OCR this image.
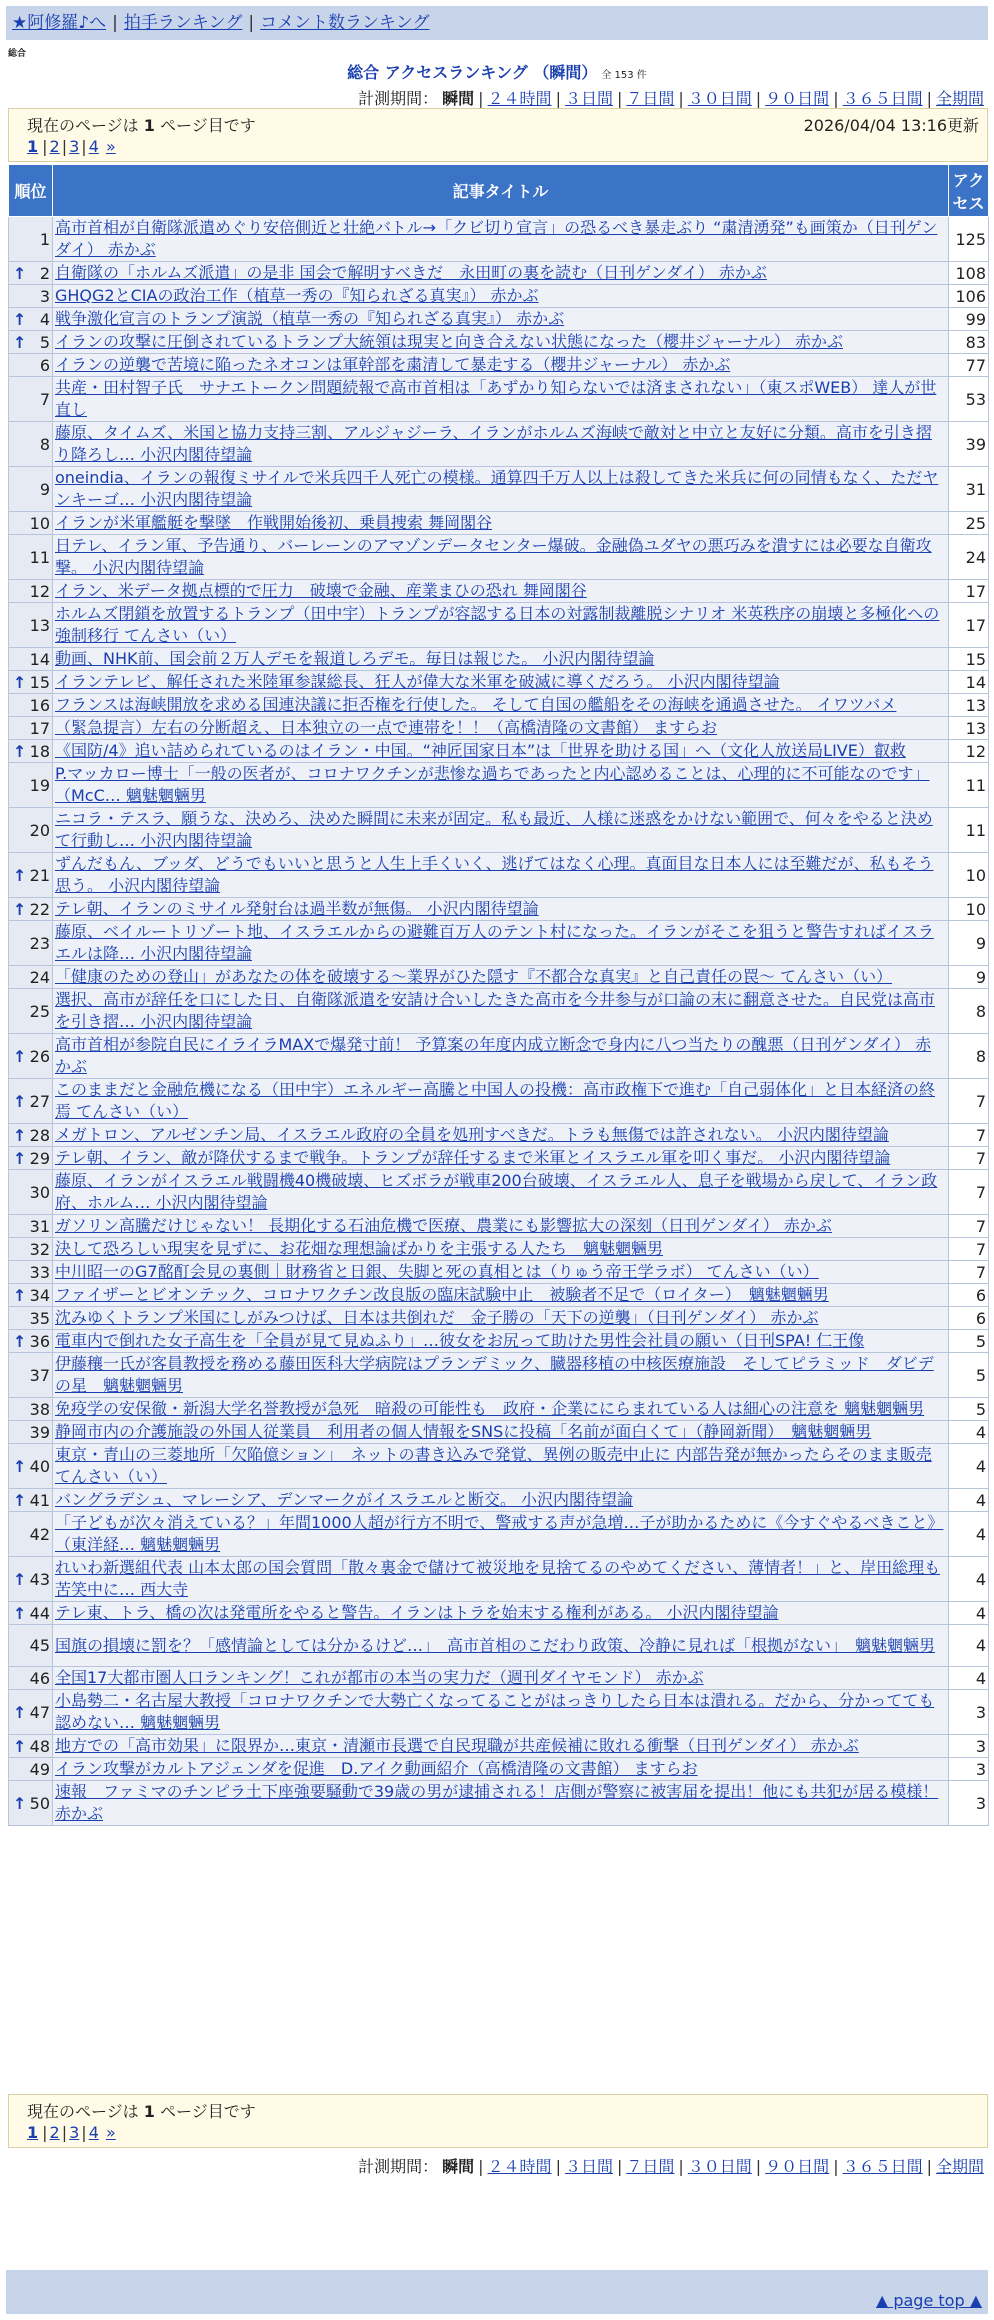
★阿修羅♪へ | 拍手ランキング | コメント数ランキング
総合
総合 アクセスランキング （瞬間） 全 153 件
計測期間： 瞬間 | ２４時間 | ３日間 | ７日間 | ３０日間 | ９０日間 | ３６５日間 | 全期間
現在のページは 1 ページ目です	2026/04/04 13:16更新
1 | 2 | 3 | 4 »
順位	記事タイトル	アクセス
1	高市首相が自衛隊派遣めぐり安倍側近と壮絶バトル→「クビ切り宣言」の恐るべき暴走ぶり “粛清湧発”も画策か（日刊ゲンダイ） 赤かぶ	125

↑ 2	自衛隊の「ホルムズ派遣」の是非 国会で解明すべきだ　永田町の裏を読む（日刊ゲンダイ） 赤かぶ	108
3	GHQG2とCIAの政治工作（植草一秀の『知られざる真実』） 赤かぶ	106

↑ 4	戦争激化宣言のトランプ演説（植草一秀の『知られざる真実』） 赤かぶ	99

↑ 5	イランの攻撃に圧倒されているトランプ大統領は現実と向き合えない状態になった（櫻井ジャーナル） 赤かぶ	83
6	イランの逆襲で苦境に陥ったネオコンは軍幹部を粛清して暴走する（櫻井ジャーナル） 赤かぶ	77
7	共産・田村智子氏　サナエトークン問題続報で高市首相は「あずかり知らないでは済まされない」（東スポWEB） 達人が世直し	53
8	藤原、タイムズ、米国と協力支持三割、アルジャジーラ、イランがホルムズ海峡で敵対と中立と友好に分類。高市を引き摺り降ろし… 小沢内閣待望論	39
9	oneindia、イランの報復ミサイルで米兵四千人死亡の模様。通算四千万人以上は殺してきた米兵に何の同情もなく、ただヤンキーゴ… 小沢内閣待望論	31
10	イランが米軍艦艇を撃墜　作戦開始後初、乗員捜索 舞岡閣谷	25
11	日テレ、イラン軍、予告通り、バーレーンのアマゾンデータセンター爆破。金融偽ユダヤの悪巧みを潰すには必要な自衛攻撃。 小沢内閣待望論	24
12	イラン、米データ拠点標的で圧力　破壊で金融、産業まひの恐れ 舞岡閣谷	17
13	ホルムズ閉鎖を放置するトランプ（田中宇）トランプが容認する日本の対露制裁離脱シナリオ 米英秩序の崩壊と多極化への強制移行 てんさい（い）	17
14	動画、NHK前、国会前２万人デモを報道しろデモ。毎日は報じた。 小沢内閣待望論	15

↑ 15	イランテレビ、解任された米陸軍参謀総長、狂人が偉大な米軍を破滅に導くだろう。 小沢内閣待望論	14
16	フランスは海峡開放を求める国連決議に拒否権を行使した。 そして自国の艦船をその海峡を通過させた。 イワツバメ	13
17	（緊急提言）左右の分断超え、日本独立の一点で連帯を！！（高橋清隆の文書館） ますらお	13

↑ 18	《国防/4》追い詰められているのはイラン・中国。“神匠国家日本”は「世界を助ける国」へ（文化人放送局LIVE）叡救	12
19	P.マッカロー博士「一般の医者が、コロナワクチンが悲惨な過ちであったと内心認めることは、心理的に不可能なのです」（McC… 魑魅魍魎男	11
20	ニコラ・テスラ、願うな、決めろ、決めた瞬間に未来が固定。私も最近、人様に迷惑をかけない範囲で、何々をやると決めて行動し… 小沢内閣待望論	11

↑ 21	ずんだもん、ブッダ、どうでもいいと思うと人生上手くいく、逃げてはなく心理。真面目な日本人には至難だが、私もそう思う。 小沢内閣待望論	10

↑ 22	テレ朝、イランのミサイル発射台は過半数が無傷。 小沢内閣待望論	10
23	藤原、ベイルートリゾート地、イスラエルからの避難百万人のテント村になった。イランがそこを狙うと警告すればイスラエルは降… 小沢内閣待望論	9
24	「健康のための登山」があなたの体を破壊する〜業界がひた隠す『不都合な真実』と自己責任の罠〜 てんさい（い）	9
25	選択、高市が辞任を口にした日、自衛隊派遣を安請け合いしたきた高市を今井参与が口論の末に翻意させた。自民党は高市を引き摺… 小沢内閣待望論	8

↑ 26	高市首相が参院自民にイライラMAXで爆発寸前！ 予算案の年度内成立断念で身内に八つ当たりの醜悪（日刊ゲンダイ） 赤かぶ	8

↑ 27	このままだと金融危機になる（田中宇）エネルギー高騰と中国人の投機：高市政権下で進む「自己弱体化」と日本経済の終焉 てんさい（い）	7

↑ 28	メガトロン、アルゼンチン局、イスラエル政府の全員を処刑すべきだ。トラも無傷では許されない。 小沢内閣待望論	7

↑ 29	テレ朝、イラン、敵が降伏するまで戦争。トランプが辞任するまで米軍とイスラエル軍を叩く事だ。 小沢内閣待望論	7
30	藤原、イランがイスラエル戦闘機40機破壊、ヒズボラが戦車200台破壊、イスラエル人、息子を戦場から戻して、イラン政府、ホルム… 小沢内閣待望論	7
31	ガソリン高騰だけじゃない！ 長期化する石油危機で医療、農業にも影響拡大の深刻（日刊ゲンダイ） 赤かぶ	7
32	決して恐ろしい現実を見ずに、お花畑な理想論ばかりを主張する人たち　魑魅魍魎男	7
33	中川昭一のG7酩酊会見の裏側｜財務省と日銀、失脚と死の真相とは（りゅう帝王学ラボ） てんさい（い）	7

↑ 34	ファイザーとビオンテック、コロナワクチン改良版の臨床試験中止　被験者不足で（ロイター）　魑魅魍魎男	6
35	沈みゆくトランプ米国にしがみつけば、日本は共倒れだ　金子勝の「天下の逆襲」（日刊ゲンダイ） 赤かぶ	6

↑ 36	電車内で倒れた女子高生を「全員が見て見ぬふり」…彼女をお尻って助けた男性会社員の願い（日刊SPA! 仁王像	5
37	伊藤穰一氏が客員教授を務める藤田医科大学病院はプランデミック、臓器移植の中核医療施設　そしてピラミッド　ダビデの星　魑魅魍魎男	5
38	免疫学の安保徹・新潟大学名誉教授が急死　暗殺の可能性も　政府・企業ににらまれている人は細心の注意を 魑魅魍魎男	5
39	静岡市内の介護施設の外国人従業員　利用者の個人情報をSNSに投稿「名前が面白くて」（静岡新聞）　魑魅魍魎男	4

↑ 40	東京・青山の三菱地所「欠陥億ション」　ネットの書き込みで発覚、異例の販売中止に 内部告発が無かったらそのまま販売 てんさい（い）	4

↑ 41	バングラデシュ、マレーシア、デンマークがイスラエルと断交。 小沢内閣待望論	4
42	「子どもが次々消えている？」年間1000人超が行方不明で、警戒する声が急増…子が助かるために《今すぐやるべきこと》（東洋経… 魑魅魍魎男	4

↑ 43	れいわ新選組代表 山本太郎の国会質問「散々裏金で儲けて被災地を見捨てるのやめてください、薄情者！」と、岸田総理も苦笑中に… 西大寺	4

↑ 44	テレ東、トラ、橋の次は発電所をやると警告。イランはトラを始末する権利がある。 小沢内閣待望論	4
45	国旗の損壊に罰を？「感情論としては分かるけど…」　高市首相のこだわり政策、冷静に見れば「根拠がない」　魑魅魍魎男	4
46	全国17大都市圏人口ランキング！これが都市の本当の実力だ（週刊ダイヤモンド） 赤かぶ	4

↑ 47	小島勢二・名古屋大教授「コロナワクチンで大勢亡くなってることがはっきりしたら日本は潰れる。だから、分かってても認めない… 魑魅魍魎男	3

↑ 48	地方での「高市効果」に限界か…東京・清瀬市長選で自民現職が共産候補に敗れる衝撃（日刊ゲンダイ） 赤かぶ	3
49	イラン攻撃がカルトアジェンダを促進　D.アイク動画紹介（高橋清隆の文書館） ますらお	3

↑ 50	速報　ファミマのチンピラ土下座強要騒動で39歳の男が逮捕される！店側が警察に被害届を提出！他にも共犯が居る模様！ 赤かぶ	3
計測期間： 瞬間 | ２４時間 | ３日間 | ７日間 | ３０日間 | ９０日間 | ３６５日間 | 全期間
現在のページは 1 ページ目です
1 | 2 | 3 | 4 »
▲ page top ▲
